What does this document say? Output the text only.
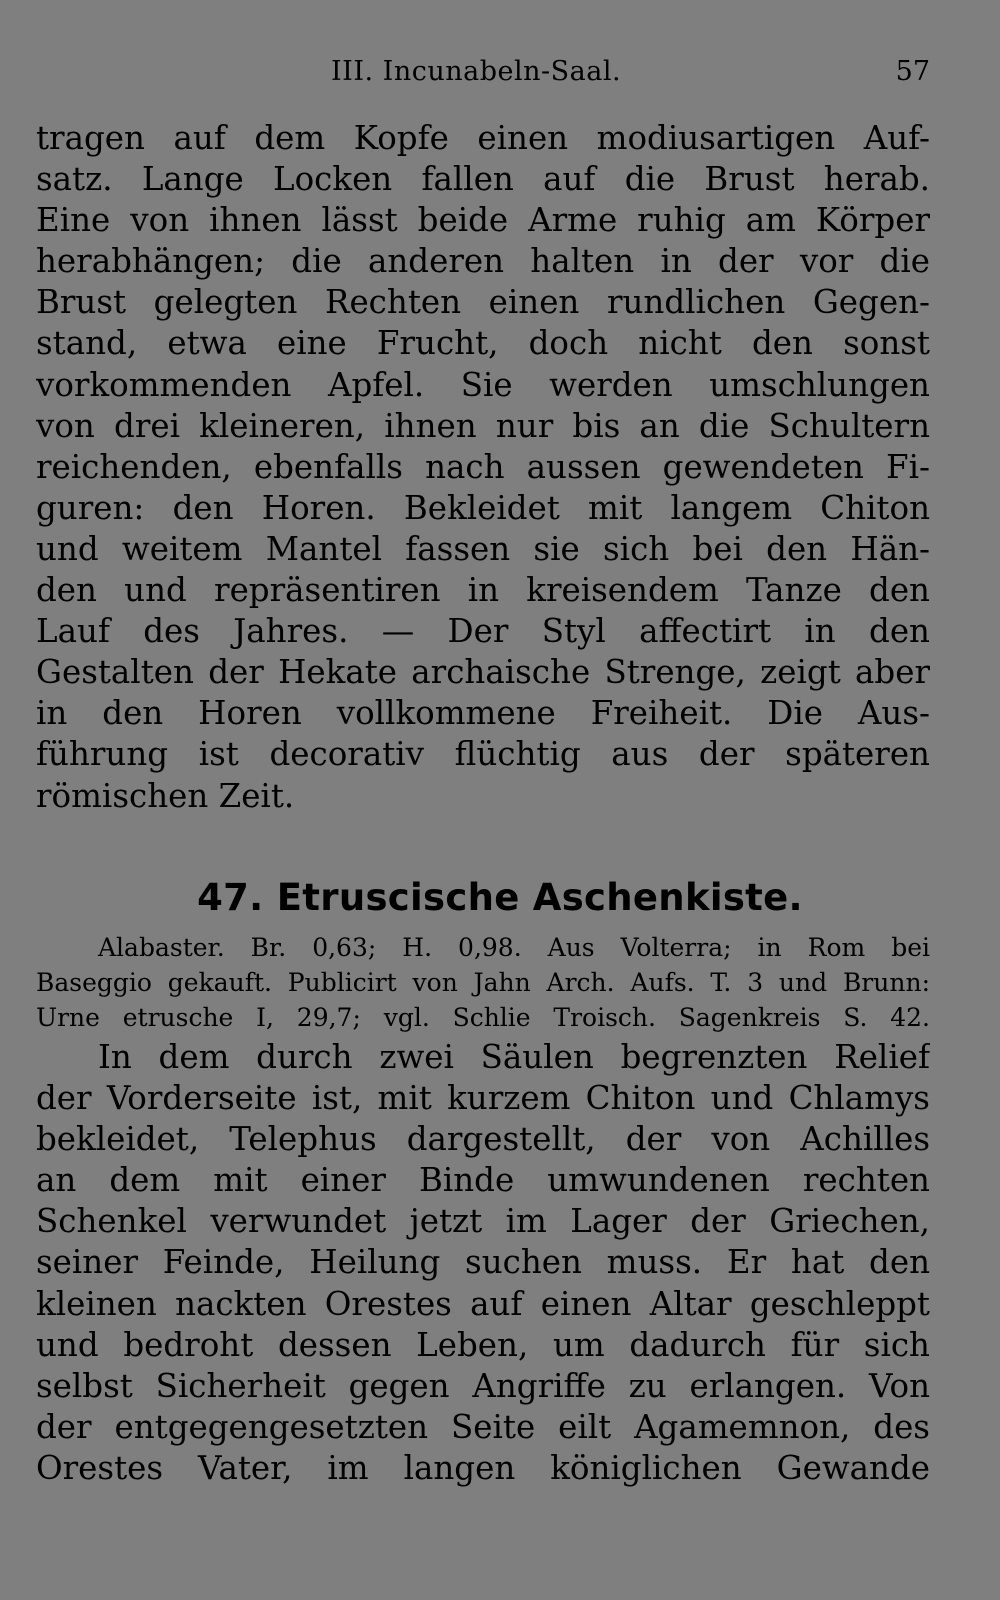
III. Incunabeln-Saal.	57
tragen auf dem Kopfe einen modiusartigen Auf-
satz. Lange Locken fallen auf die Brust herab.
Eine von ihnen lässt beide Arme ruhig am Körper
herabhängen; die anderen halten in der vor die
Brust gelegten Rechten einen rundlichen Gegen-
stand, etwa eine Frucht, doch nicht den sonst
vorkommenden Apfel. Sie werden umschlungen
von drei kleineren, ihnen nur bis an die Schultern
reichenden, ebenfalls nach aussen gewendeten Fi-
guren: den Horen. Bekleidet mit langem Chiton
und weitem Mantel fassen sie sich bei den Hän-
den und repräsentiren in kreisendem Tanze den
Lauf des Jahres. — Der Styl affectirt in den
Gestalten der Hekate archaische Strenge, zeigt aber
in den Horen vollkommene Freiheit. Die Aus-
führung ist decorativ flüchtig aus der späteren
römischen Zeit.
47. Etruscische Aschenkiste.
Alabaster. Br. 0,63; H. 0,98. Aus Volterra; in Rom bei
Baseggio gekauft. Publicirt von Jahn Arch. Aufs. T. 3 und Brunn:
Urne etrusche I, 29,7; vgl. Schlie Troisch. Sagenkreis S. 42.
In dem durch zwei Säulen begrenzten Relief
der Vorderseite ist, mit kurzem Chiton und Chlamys
bekleidet, Telephus dargestellt, der von Achilles
an dem mit einer Binde umwundenen rechten
Schenkel verwundet jetzt im Lager der Griechen,
seiner Feinde, Heilung suchen muss. Er hat den
kleinen nackten Orestes auf einen Altar geschleppt
und bedroht dessen Leben, um dadurch für sich
selbst Sicherheit gegen Angriffe zu erlangen. Von
der entgegengesetzten Seite eilt Agamemnon, des
Orestes Vater, im langen königlichen Gewande
